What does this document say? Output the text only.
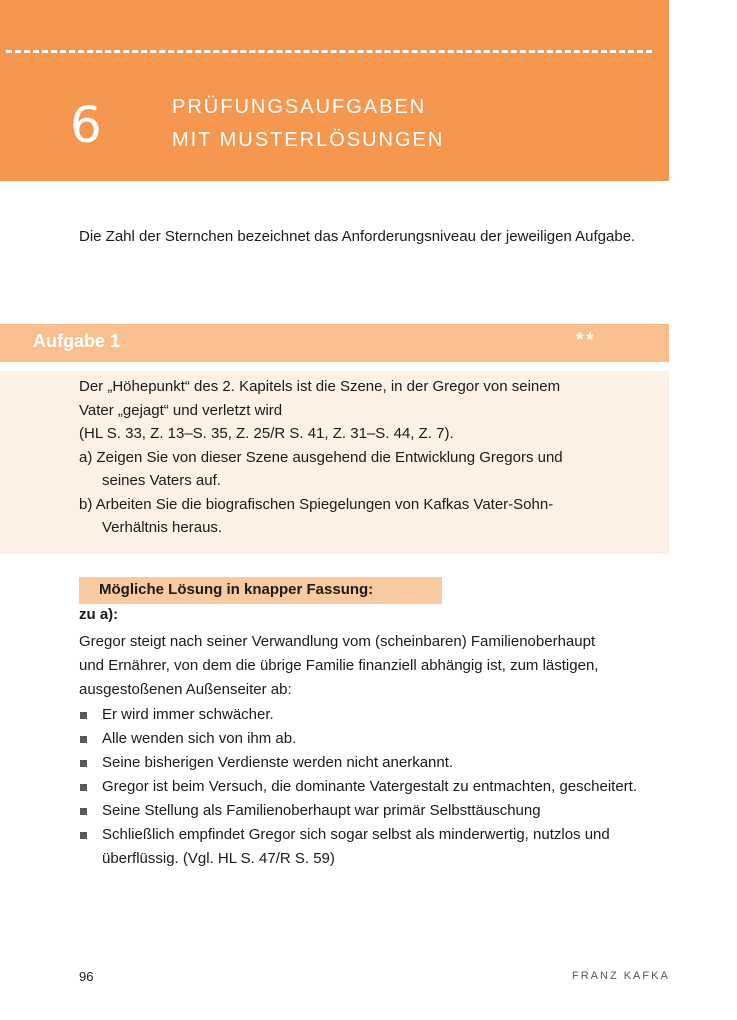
6	PRÜFUNGSAUFGABEN
MIT MUSTERLÖSUNGEN
Die Zahl der Sternchen bezeichnet das Anforderungsniveau der jeweiligen Aufgabe.
Aufgabe 1	**
Der „Höhepunkt“ des 2. Kapitels ist die Szene, in der Gregor von seinem
Vater „gejagt“ und verletzt wird
(HL S. 33, Z. 13–S. 35, Z. 25/R S. 41, Z. 31–S. 44, Z. 7).
a) Zeigen Sie von dieser Szene ausgehend die Entwicklung Gregors und
seines Vaters auf.
b) Arbeiten Sie die biografischen Spiegelungen von Kafkas Vater-Sohn-
Verhältnis heraus.
Mögliche Lösung in knapper Fassung:
zu a):
Gregor steigt nach seiner Verwandlung vom (scheinbaren) Familienoberhaupt
und Ernährer, von dem die übrige Familie finanziell abhängig ist, zum lästigen,
ausgestoßenen Außenseiter ab:
Er wird immer schwächer.
Alle wenden sich von ihm ab.
Seine bisherigen Verdienste werden nicht anerkannt.
Gregor ist beim Versuch, die dominante Vatergestalt zu entmachten, gescheitert.
Seine Stellung als Familienoberhaupt war primär Selbsttäuschung
Schließlich empfindet Gregor sich sogar selbst als minderwertig, nutzlos und überflüssig. (Vgl. HL S. 47/R S. 59)
96	FRANZ KAFKA
